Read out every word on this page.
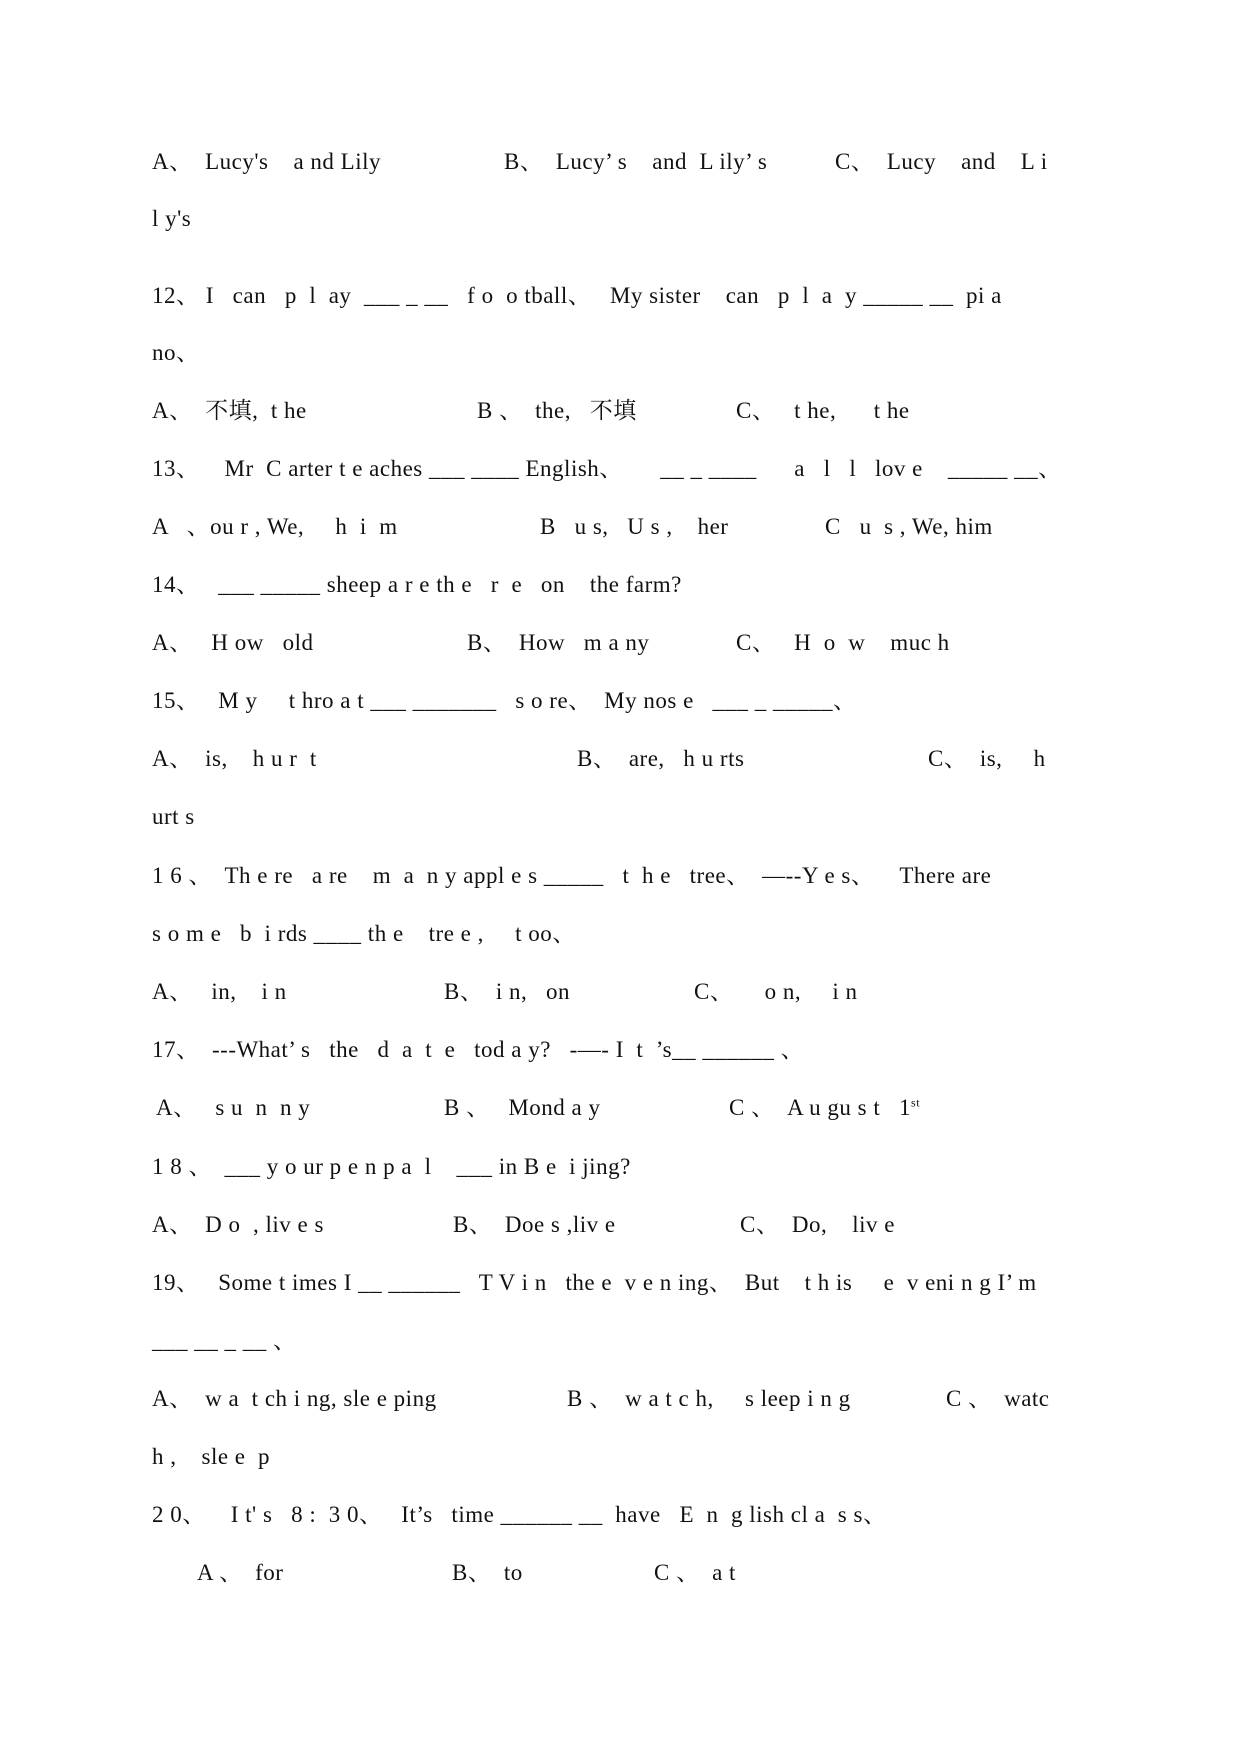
A、  Lucy's    a nd Lily

	B、  Lucy’ s    and  L ily’ s

	C、  Lucy    and    L i

l y's
12、 I   can   p  l  ay  ___ _ __   f o  o tball、   My sister    can   p  l  a  y _____ __  pi a
no、

A、  不填,  t he

	B 、  the,   不填

	C、   t he,      t he

13、    Mr  C arter t e aches ___ ____ English、      __ _ ____      a   l   l   lov e    _____ __、

A   、ou r , We,     h  i  m

	B   u s,   U s ,    her

	C   u  s , We, him

14、   ___ _____ sheep a r e th e   r  e   on    the farm?

A、   H ow   old

	B、  How   m a ny

	C、   H  o  w    muc h

15、   M y     t hro a t ___ _______   s o re、  My nos e   ___ _ _____、

A、  is,    h u r  t

	B、  are,   h u rts

	C、  is,     h

urt s
1 6 、  Th e re   a re    m  a  n y appl e s _____   t  h e   tree、  —--Y e s、    There are
s o m e   b  i rds ____ th e    tre e ,     t oo、

A、   in,    i n

	B、  i n,   on

	C、     o n,     i n

17、  ---What’ s   the   d  a  t  e   tod a y?   -—- I  t  ’s__ ______ 、

A、   s u  n  n y

	B 、   Mond a y

	C 、  A u gu s t   1st

1 8 、  ___ y o ur p e n p a  l    ___ in B e  i jing?

A、  D o  , liv e s

	B、  Doe s ,liv e

	C、  Do,    liv e

19、   Some t imes I __ ______   T V i n   the e  v e n ing、  But    t h is     e  v eni n g I’ m
___ __ _ __ 、

A、  w a  t ch i ng, sle e ping

	B 、  w a t c h,     s leep i n g

	C 、  watc

h ,    sle e  p
2 0、    I t' s   8 :  3 0、   It’s   time ______ __  have   E  n  g lish cl a  s s、

A 、  for

	B、  to

	C 、  a t
